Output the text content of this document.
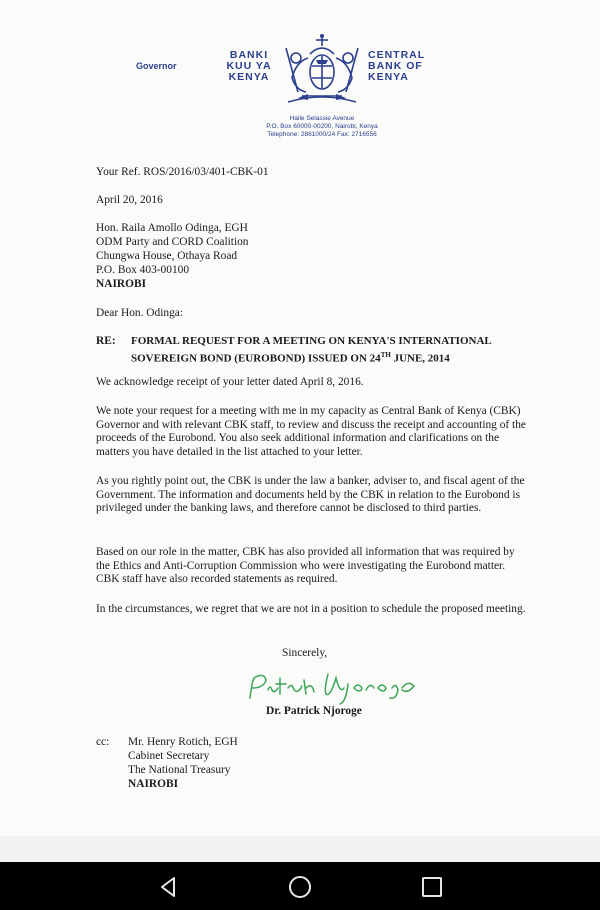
Governor
BANKI
KUU YA
KENYA
CENTRAL
BANK OF
KENYA
Haile Selassie Avenue
P.O. Box 60000-00200, Nairobi, Kenya
Telephone: 2861000/24 Fax: 2716556
Your Ref. ROS/2016/03/401-CBK-01
April 20, 2016
Hon. Raila Amollo Odinga, EGH
ODM Party and CORD Coalition
Chungwa House, Othaya Road
P.O. Box 403-00100
NAIROBI
Dear Hon. Odinga:
RE: FORMAL REQUEST FOR A MEETING ON KENYA'S INTERNATIONAL
SOVEREIGN BOND (EUROBOND) ISSUED ON 24TH JUNE, 2014
We acknowledge receipt of your letter dated April 8, 2016.
We note your request for a meeting with me in my capacity as Central Bank of Kenya (CBK) Governor and with relevant CBK staff, to review and discuss the receipt and accounting of the proceeds of the Eurobond. You also seek additional information and clarifications on the matters you have detailed in the list attached to your letter.
As you rightly point out, the CBK is under the law a banker, adviser to, and fiscal agent of the Government. The information and documents held by the CBK in relation to the Eurobond is privileged under the banking laws, and therefore cannot be disclosed to third parties.
Based on our role in the matter, CBK has also provided all information that was required by the Ethics and Anti-Corruption Commission who were investigating the Eurobond matter. CBK staff have also recorded statements as required.
In the circumstances, we regret that we are not in a position to schedule the proposed meeting.
Sincerely,
Dr. Patrick Njoroge
cc: Mr. Henry Rotich, EGH
Cabinet Secretary
The National Treasury
NAIROBI
